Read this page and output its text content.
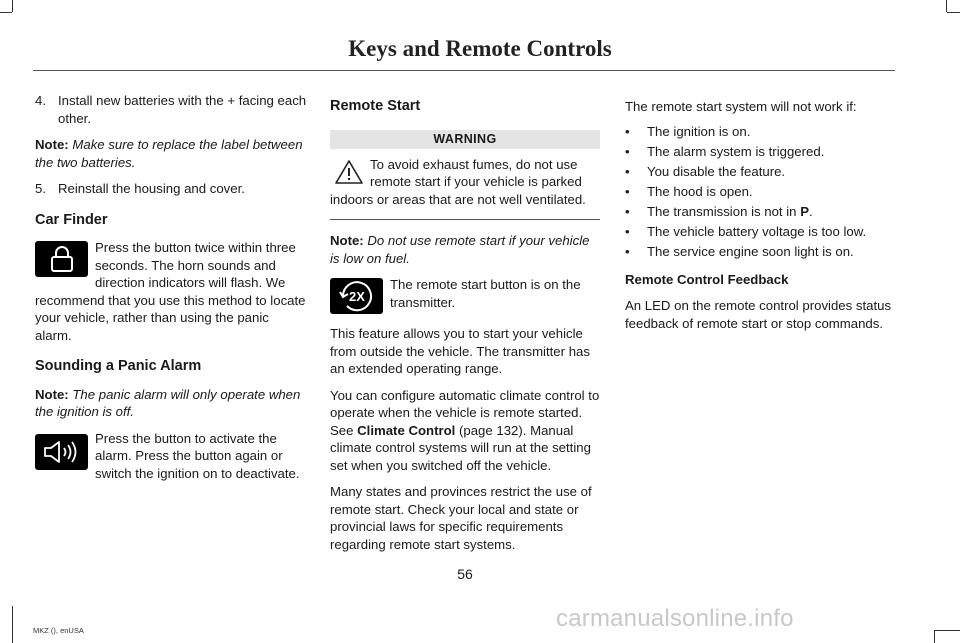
Keys and Remote Controls
4. Install new batteries with the + facing each other.

Note: Make sure to replace the label between the two batteries.

5. Reinstall the housing and cover.
Car Finder
Press the button twice within three seconds. The horn sounds and direction indicators will flash. We recommend that you use this method to locate your vehicle, rather than using the panic alarm.
Sounding a Panic Alarm

Note: The panic alarm will only operate when the ignition is off.

Press the button to activate the alarm. Press the button again or switch the ignition on to deactivate.
Remote Start
WARNING
To avoid exhaust fumes, do not use remote start if your vehicle is parked indoors or areas that are not well ventilated.

Note: Do not use remote start if your vehicle is low on fuel.

2X
The remote start button is on the transmitter.

This feature allows you to start your vehicle from outside the vehicle. The transmitter has an extended operating range.

You can configure automatic climate control to operate when the vehicle is remote started. See Climate Control (page 132). Manual climate control systems will run at the setting set when you switched off the vehicle.

Many states and provinces restrict the use of remote start. Check your local and state or provincial laws for specific requirements regarding remote start systems.

The remote start system will not work if:

•	The ignition is on.
•	The alarm system is triggered.
•	You disable the feature.
•	The hood is open.
•	The transmission is not in P.
•	The vehicle battery voltage is too low.
•	The service engine soon light is on.
Remote Control Feedback

An LED on the remote control provides status feedback of remote start or stop commands.

56
MKZ (), enUSA	carmanualsonline.info
